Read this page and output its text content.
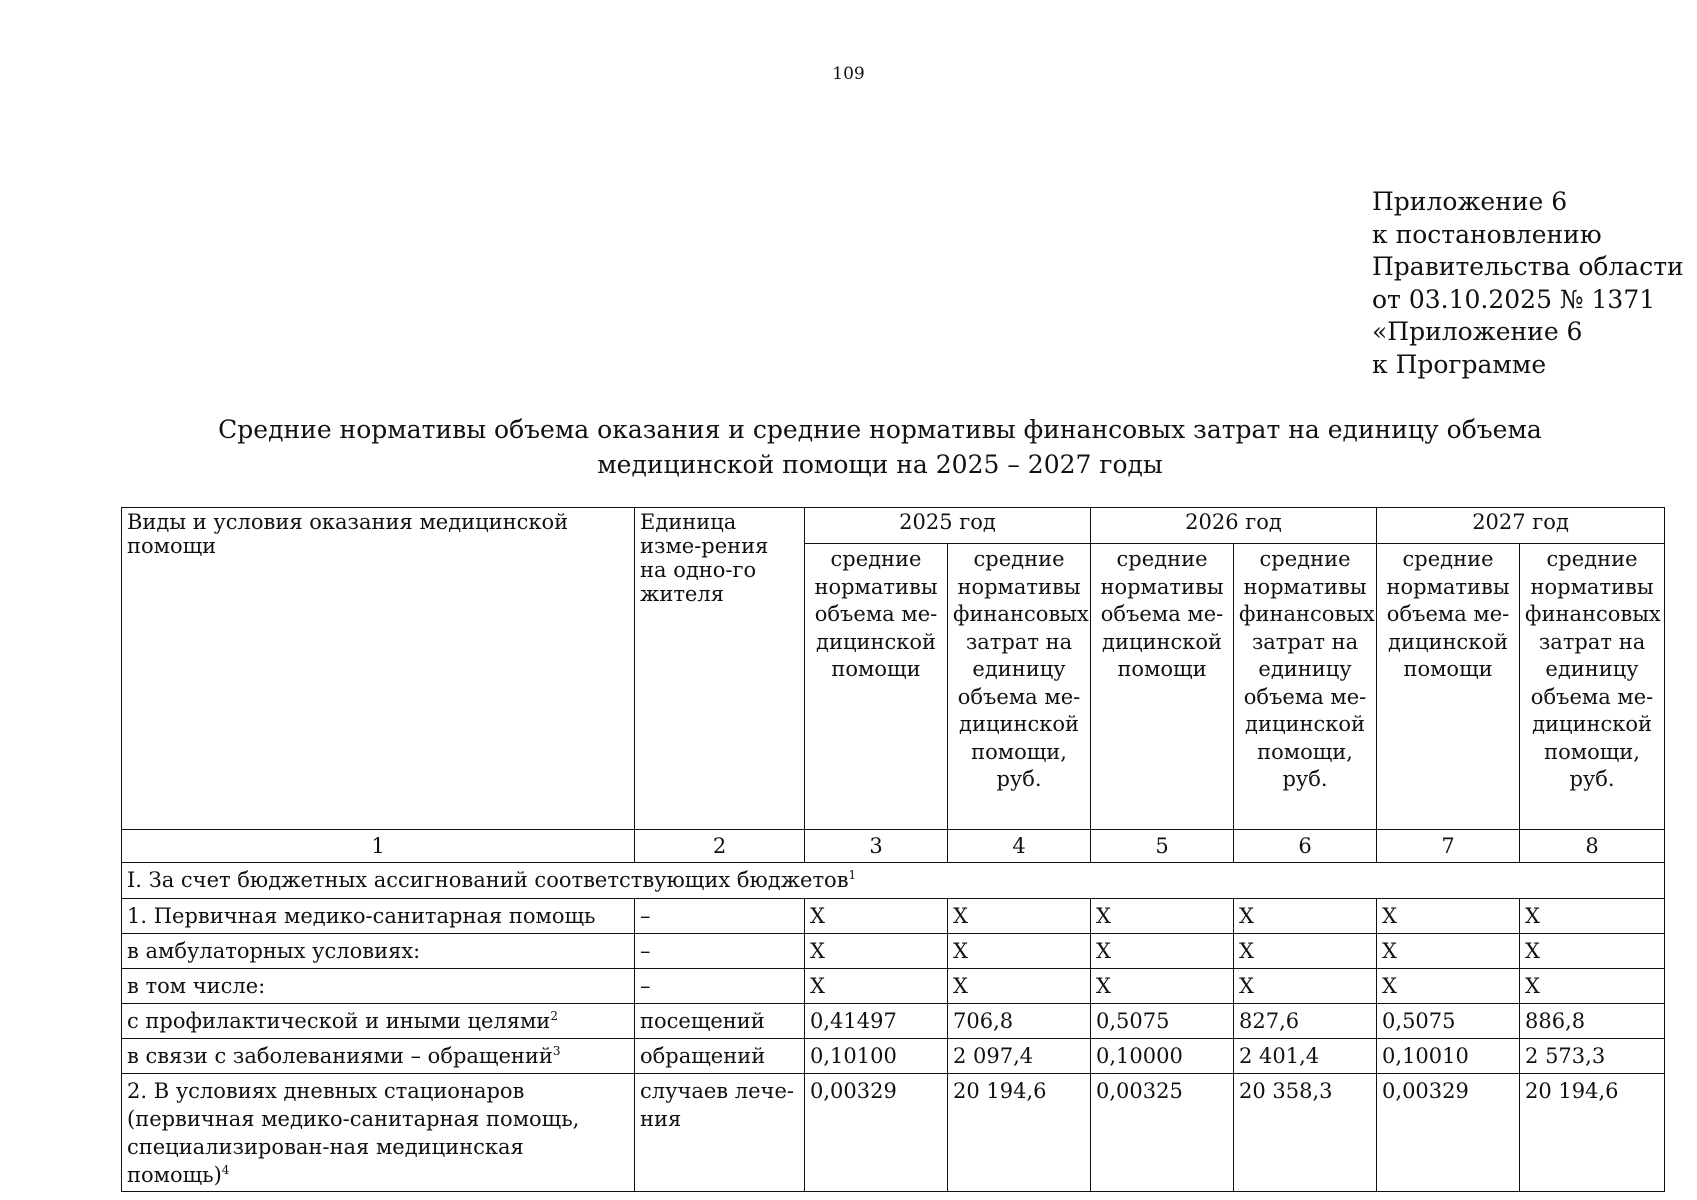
109
Приложение 6
к постановлению
Правительства области
от 03.10.2025 № 1371
«Приложение 6
к Программе
Средние нормативы объема оказания и средние нормативы финансовых затрат на единицу объема
медицинской помощи на 2025 – 2027 годы
Виды и условия оказания медицинской помощи	Единица изме-рения на одно-го жителя	2025 год		2026 год		2027 год	
		средние нормативы объема ме-дицинской помощи	средние нормативы финансовых затрат на единицу объема ме-дицинской помощи, руб.	средние нормативы объема ме-дицинской помощи	средние нормативы финансовых затрат на единицу объема ме-дицинской помощи, руб.	средние нормативы объема ме-дицинской помощи	средние нормативы финансовых затрат на единицу объема ме-дицинской помощи, руб.
1	2	3	4	5	6	7	8
I. За счет бюджетных ассигнований соответствующих бюджетов$^1$
1. Первичная медико-санитарная помощь	–	X	X	X	X	X	X
в амбулаторных условиях:	–	X	X	X	X	X	X
в том числе:	–	X	X	X	X	X	X
с профилактической и иными целями$^2$	посещений	0,41497	706,8	0,5075	827,6	0,5075	886,8
в связи с заболеваниями – обращений$^3$	обращений	0,10100	2 097,4	0,10000	2 401,4	0,10010	2 573,3
2. В условиях дневных стационаров (первичная медико-санитарная помощь, специализирован-ная медицинская помощь)$^4$	случаев лече-ния	0,00329	20 194,6	0,00325	20 358,3	0,00329	20 194,6
